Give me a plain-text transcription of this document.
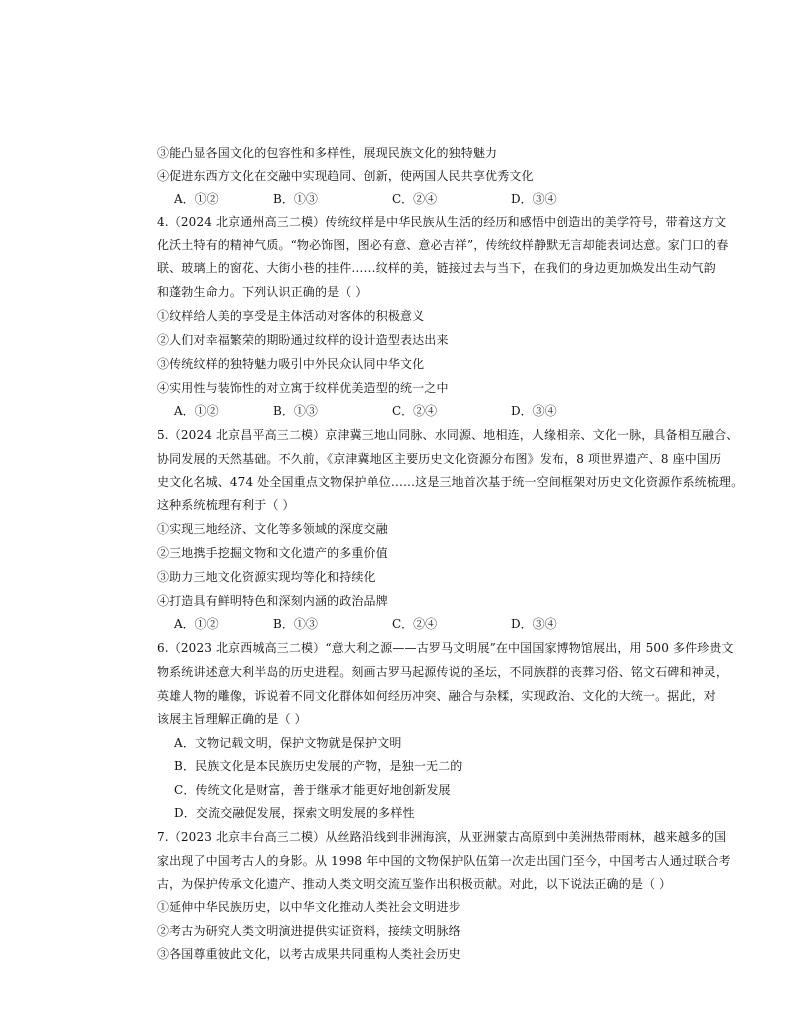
③能凸显各国文化的包容性和多样性，展现民族文化的独特魅力
④促进东西方文化在交融中实现趋同、创新，使两国人民共享优秀文化
A．①②	B．①③	C．②④	D．③④
4.（2024 北京通州高三二模）传统纹样是中华民族从生活的经历和感悟中创造出的美学符号，带着这方文
化沃土特有的精神气质。“物必饰图，图必有意、意必吉祥”，传统纹样静默无言却能表词达意。家门口的春
联、玻璃上的窗花、大街小巷的挂件……纹样的美，链接过去与当下，在我们的身边更加焕发出生动气韵
和蓬勃生命力。下列认识正确的是（ ）
①纹样给人美的享受是主体活动对客体的积极意义
②人们对幸福繁荣的期盼通过纹样的设计造型表达出来
③传统纹样的独特魅力吸引中外民众认同中华文化
④实用性与装饰性的对立寓于纹样优美造型的统一之中
A．①②	B．①③	C．②④	D．③④
5.（2024 北京昌平高三二模）京津冀三地山同脉、水同源、地相连，人缘相亲、文化一脉，具备相互融合、
协同发展的天然基础。不久前，《京津冀地区主要历史文化资源分布图》发布，8 项世界遗产、8 座中国历
史文化名城、474 处全国重点文物保护单位……这是三地首次基于统一空间框架对历史文化资源作系统梳理。
这种系统梳理有利于（ ）
①实现三地经济、文化等多领域的深度交融
②三地携手挖掘文物和文化遗产的多重价值
③助力三地文化资源实现均等化和持续化
④打造具有鲜明特色和深刻内涵的政治品牌
A．①②	B．①③	C．②④	D．③④
6.（2023 北京西城高三二模）“意大利之源——古罗马文明展”在中国国家博物馆展出，用 500 多件珍贵文
物系统讲述意大利半岛的历史进程。刻画古罗马起源传说的圣坛，不同族群的丧葬习俗、铭文石碑和神灵，
英雄人物的雕像，诉说着不同文化群体如何经历冲突、融合与杂糅，实现政治、文化的大统一。据此，对
该展主旨理解正确的是（ ）
A．文物记载文明，保护文物就是保护文明
B．民族文化是本民族历史发展的产物，是独一无二的
C．传统文化是财富，善于继承才能更好地创新发展
D．交流交融促发展，探索文明发展的多样性
7.（2023 北京丰台高三二模）从丝路沿线到非洲海滨，从亚洲蒙古高原到中美洲热带雨林，越来越多的国
家出现了中国考古人的身影。从 1998 年中国的文物保护队伍第一次走出国门至今，中国考古人通过联合考
古，为保护传承文化遗产、推动人类文明交流互鉴作出积极贡献。对此，以下说法正确的是（ ）
①延伸中华民族历史，以中华文化推动人类社会文明进步
②考古为研究人类文明演进提供实证资料，接续文明脉络
③各国尊重彼此文化，以考古成果共同重构人类社会历史
